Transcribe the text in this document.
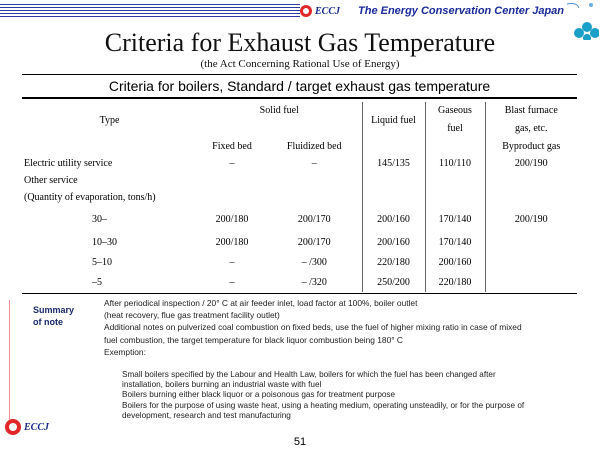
ECCJ The Energy Conservation Center Japan
Criteria for Exhaust Gas Temperature
(the Act Concerning Rational Use of Energy)
Criteria for boilers, Standard / target exhaust gas temperature
Type	Solid fuel		Liquid fuel	Gaseous	Blast furnace
				fuel	gas, etc.
	Fixed bed	Fluidized bed			Byproduct gas
Electric utility service	–	–	145/135	110/110	200/190
Other service					
(Quantity of evaporation, tons/h)					
30–	200/180	200/170	200/160	170/140	200/190
10–30	200/180	200/170	200/160	170/140	
5–10	–	– /300	220/180	200/160	
–5	–	– /320	250/200	220/180	
Summary
of note
After periodical inspection / 20° C at air feeder inlet, load factor at 100%, boiler outlet
(heat recovery, flue gas treatment facility outlet)
Additional notes on pulverized coal combustion on fixed beds, use the fuel of higher mixing ratio in case of mixed
fuel combustion, the target temperature for black liquor combustion being 180° C
Exemption:
Small boilers specified by the Labour and Health Law, boilers for which the fuel has been changed after
installation, boilers burning an industrial waste with fuel
Boilers burning either black liquor or a poisonous gas for treatment purpose
Boilers for the purpose of using waste heat, using a heating medium, operating unsteadily, or for the purpose of
development, research and test manufacturing
ECCJ
51
